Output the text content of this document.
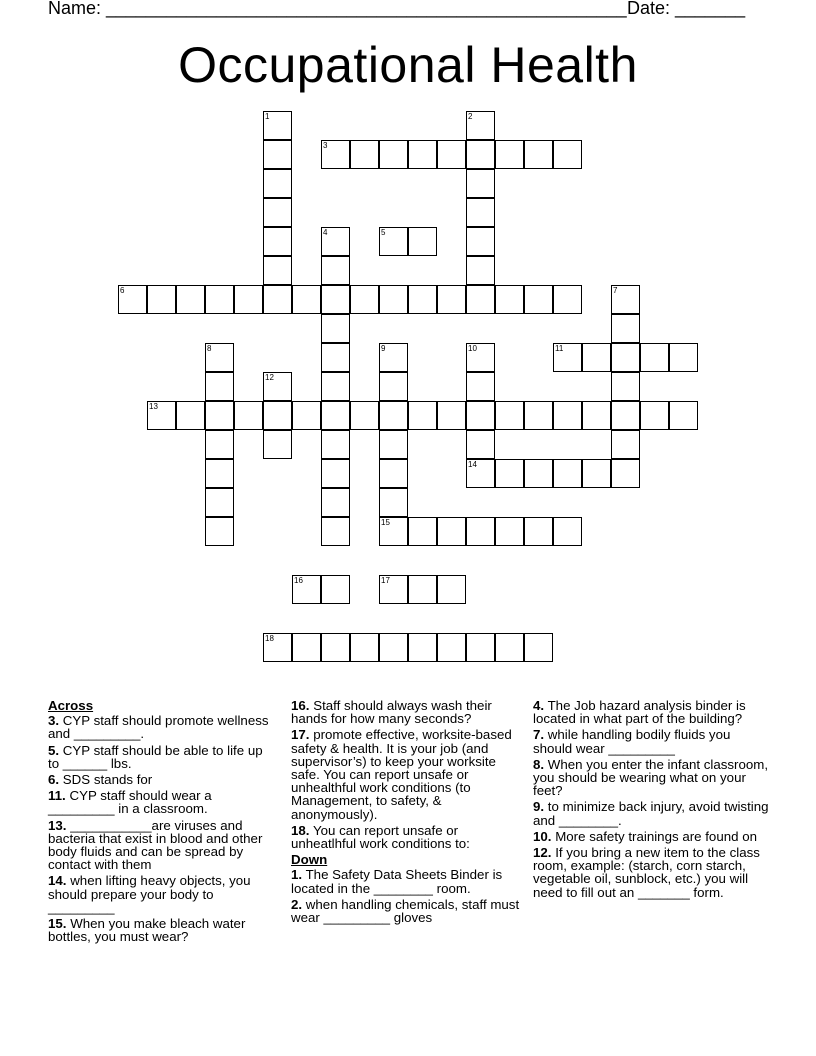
Name: ____________________________________________________ Date: _______
Occupational Health
1	2
3
4	5
6	7
8	9
15
10
14
11
12
13
16	17
18
Across
3. CYP staff should promote wellness and _________.
5. CYP staff should be able to life up to ______ lbs.
6. SDS stands for
11. CYP staff should wear a _________ in a classroom.
13. ___________are viruses and bacteria that exist in blood and other body fluids and can be spread by contact with them
14. when lifting heavy objects, you should prepare your body to _________
15. When you make bleach water bottles, you must wear?
16. Staff should always wash their hands for how many seconds?
17. promote effective, worksite-based safety & health. It is your job (and supervisor’s) to keep your worksite safe. You can report unsafe or unhealthful work conditions (to Management, to safety, & anonymously).
18. You can report unsafe or unheatlhful work conditions to:
Down
1. The Safety Data Sheets Binder is located in the ________ room.
2. when handling chemicals, staff must wear _________ gloves
4. The Job hazard analysis binder is located in what part of the building?
7. while handling bodily fluids you should wear _________
8. When you enter the infant classroom, you should be wearing what on your feet?
9. to minimize back injury, avoid twisting and ________.
10. More safety trainings are found on
12. If you bring a new item to the class room, example: (starch, corn starch, vegetable oil, sunblock, etc.) you will need to fill out an _______ form.
